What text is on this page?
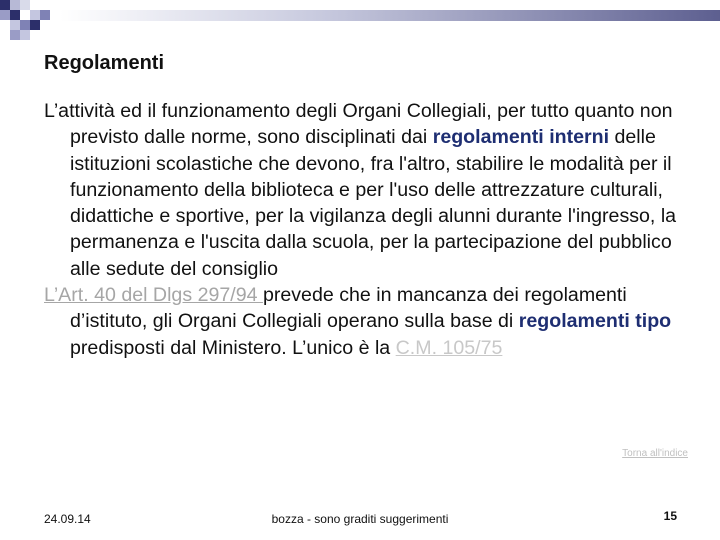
Regolamenti

L’attività ed il funzionamento degli Organi Collegiali, per tutto quanto non previsto dalle norme, sono disciplinati dai regolamenti interni delle istituzioni scolastiche che devono, fra l'altro, stabilire le modalità per il funzionamento della biblioteca e per l'uso delle attrezzature culturali, didattiche e sportive, per la vigilanza degli alunni durante l'ingresso, la permanenza e l'uscita dalla scuola, per la partecipazione del pubblico alle sedute del consiglio

L’Art. 40 del Dlgs 297/94 prevede che in mancanza dei regolamenti d’istituto, gli Organi Collegiali operano sulla base di regolamenti tipo predisposti dal Ministero. L’unico è la C.M. 105/75

Torna all'indice
24.09.14	bozza - sono graditi suggerimenti	15
